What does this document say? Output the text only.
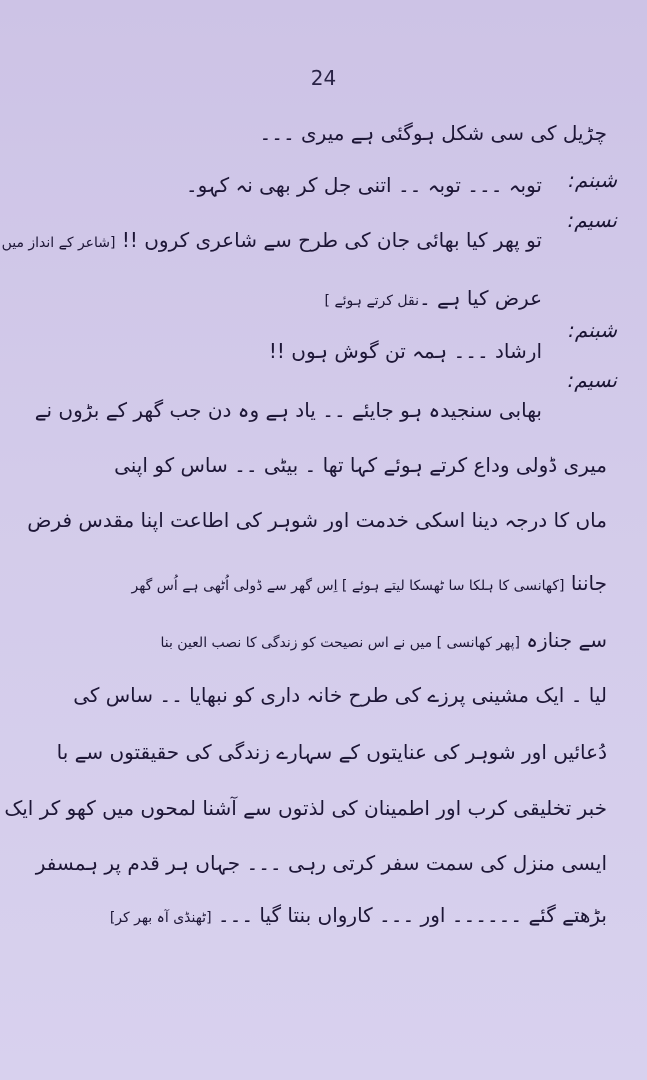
24
چڑیل کی سی شکل ہوگئی ہے میری ۔۔۔
شبنم:
توبہ ۔۔۔ توبہ ۔۔ اتنی جل کر بھی نہ کہو۔
نسیم:
تو پھر کیا بھائی جان کی طرح سے شاعری کروں !! [شاعر کے انداز میں
عرض کیا ہے ۔نقل کرتے ہوئے ]
شبنم:
ارشاد ۔۔۔ ہمہ تن گوش ہوں !!
نسیم:
بھابی سنجیدہ ہو جایئے ۔۔ یاد ہے وہ دن جب گھر کے بڑوں نے
میری ڈولی وداع کرتے ہوئے کہا تھا ۔ بیٹی ۔۔ ساس کو اپنی
ماں کا درجہ دینا اسکی خدمت اور شوہر کی اطاعت اپنا مقدس فرض
جاننا [کھانسی کا ہلکا سا ٹھسکا لیتے ہوئے ] اِس گھر سے ڈولی اُٹھی ہے اُس گھر
سے جنازہ [پھر کھانسی ] میں نے اس نصیحت کو زندگی کا نصب العین بنا
لیا ۔ ایک مشینی پرزے کی طرح خانہ داری کو نبھایا ۔۔ ساس کی
دُعائیں اور شوہر کی عنایتوں کے سہارے زندگی کی حقیقتوں سے با
خبر تخلیقی کرب اور اطمینان کی لذتوں سے آشنا لمحوں میں کھو کر ایک
ایسی منزل کی سمت سفر کرتی رہی ۔۔۔ جہاں ہر قدم پر ہمسفر
بڑھتے گئے ۔۔۔۔۔۔ اور ۔۔۔ کارواں بنتا گیا ۔۔۔ [ٹھنڈی آہ بھر کر]
